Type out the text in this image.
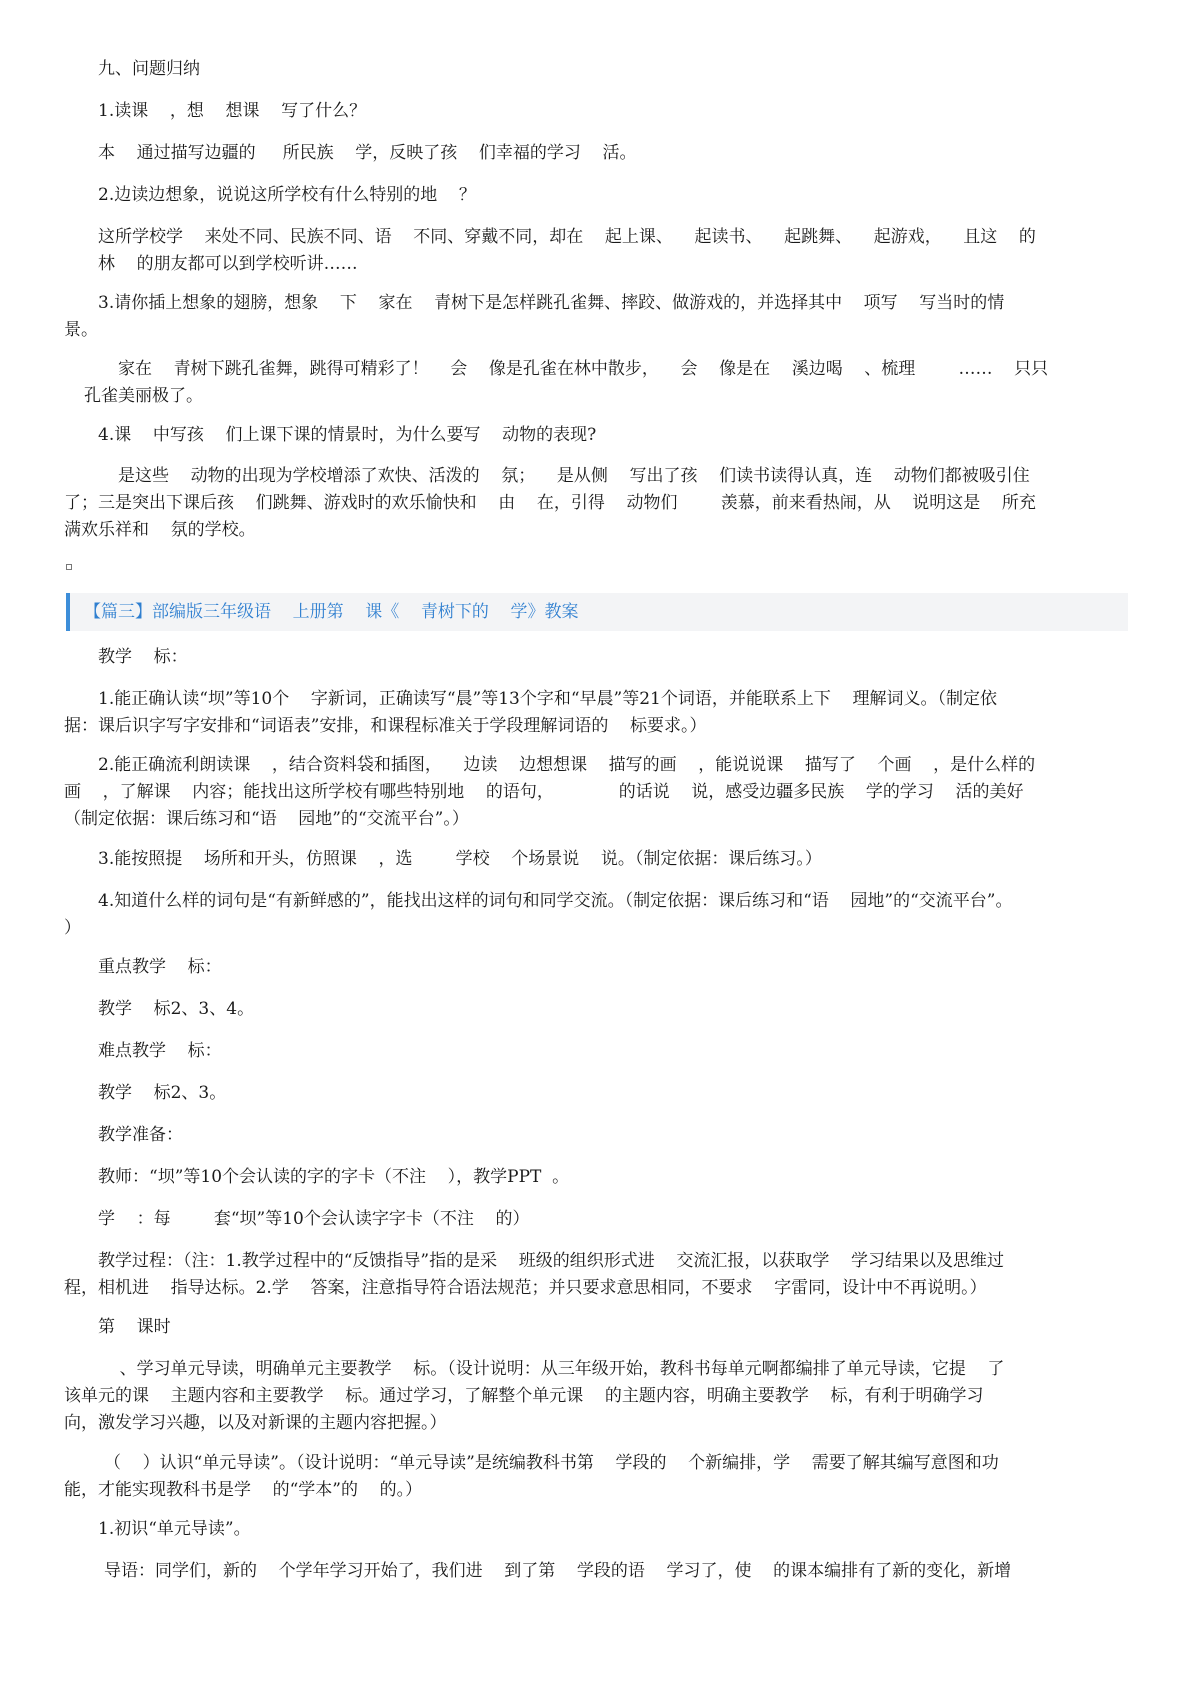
九、问题归纳

1.读课    ，想    想课    写了什么？

本    通过描写边疆的     所民族    学，反映了孩    们幸福的学习    活。

2.边读边想象，说说这所学校有什么特别的地    ？

这所学校学    来处不同、民族不同、语    不同、穿戴不同，却在    起上课、    起读书、    起跳舞、    起游戏，    且这    的
林    的朋友都可以到学校听讲……

3.请你插上想象的翅膀，想象    下    家在    青树下是怎样跳孔雀舞、摔跤、做游戏的，并选择其中    项写    写当时的情
景。

家在    青树下跳孔雀舞，跳得可精彩了！    会    像是孔雀在林中散步，    会    像是在    溪边喝    、梳理        ……    只只
孔雀美丽极了。

4.课    中写孩    们上课下课的情景时，为什么要写    动物的表现?

是这些    动物的出现为学校增添了欢快、活泼的    氛；    是从侧    写出了孩    们读书读得认真，连    动物们都被吸引住
了；三是突出下课后孩    们跳舞、游戏时的欢乐愉快和    由    在，引得    动物们        羡慕，前来看热闹，从    说明这是    所充
满欢乐祥和    氛的学校。

【篇三】部编版三年级语    上册第    课《    青树下的    学》教案

教学    标：

1.能正确认读“坝”等10个    字新词，正确读写“晨”等13个字和“早晨”等21个词语，并能联系上下    理解词义。（制定依
据：课后识字写字安排和“词语表”安排，和课程标准关于学段理解词语的    标要求。）

2.能正确流利朗读课    ，结合资料袋和插图，    边读    边想想课    描写的画    ，能说说课    描写了    个画    ，是什么样的
画    ，了解课    内容；能找出这所学校有哪些特别地    的语句，            的话说    说，感受边疆多民族    学的学习    活的美好
（制定依据：课后练习和“语    园地”的“交流平台”。）

3.能按照提    场所和开头，仿照课    ，选        学校    个场景说    说。（制定依据：课后练习。）

4.知道什么样的词句是“有新鲜感的”，能找出这样的词句和同学交流。（制定依据：课后练习和“语    园地”的“交流平台”。
）

重点教学    标：

教学    标2、3、4。

难点教学    标：

教学    标2、3。

教学准备：

教师：“坝”等10个会认读的字的字卡（不注    ），教学PPT  。

学    ：每        套“坝”等10个会认读字字卡（不注    的）

教学过程：（注：1.教学过程中的“反馈指导”指的是采    班级的组织形式进    交流汇报，以获取学    学习结果以及思维过
程，相机进    指导达标。2.学    答案，注意指导符合语法规范；并只要求意思相同，不要求    字雷同，设计中不再说明。）

第    课时

、学习单元导读，明确单元主要教学    标。（设计说明：从三年级开始，教科书每单元啊都编排了单元导读，它提    了
该单元的课    主题内容和主要教学    标。通过学习，了解整个单元课    的主题内容，明确主要教学    标，有利于明确学习
向，激发学习兴趣，以及对新课的主题内容把握。）

（    ）认识“单元导读”。（设计说明：“单元导读”是统编教科书第    学段的    个新编排，学    需要了解其编写意图和功
能，才能实现教科书是学    的“学本”的    的。）

1.初识“单元导读”。

导语：同学们，新的    个学年学习开始了，我们进    到了第    学段的语    学习了，使    的课本编排有了新的变化，新增
